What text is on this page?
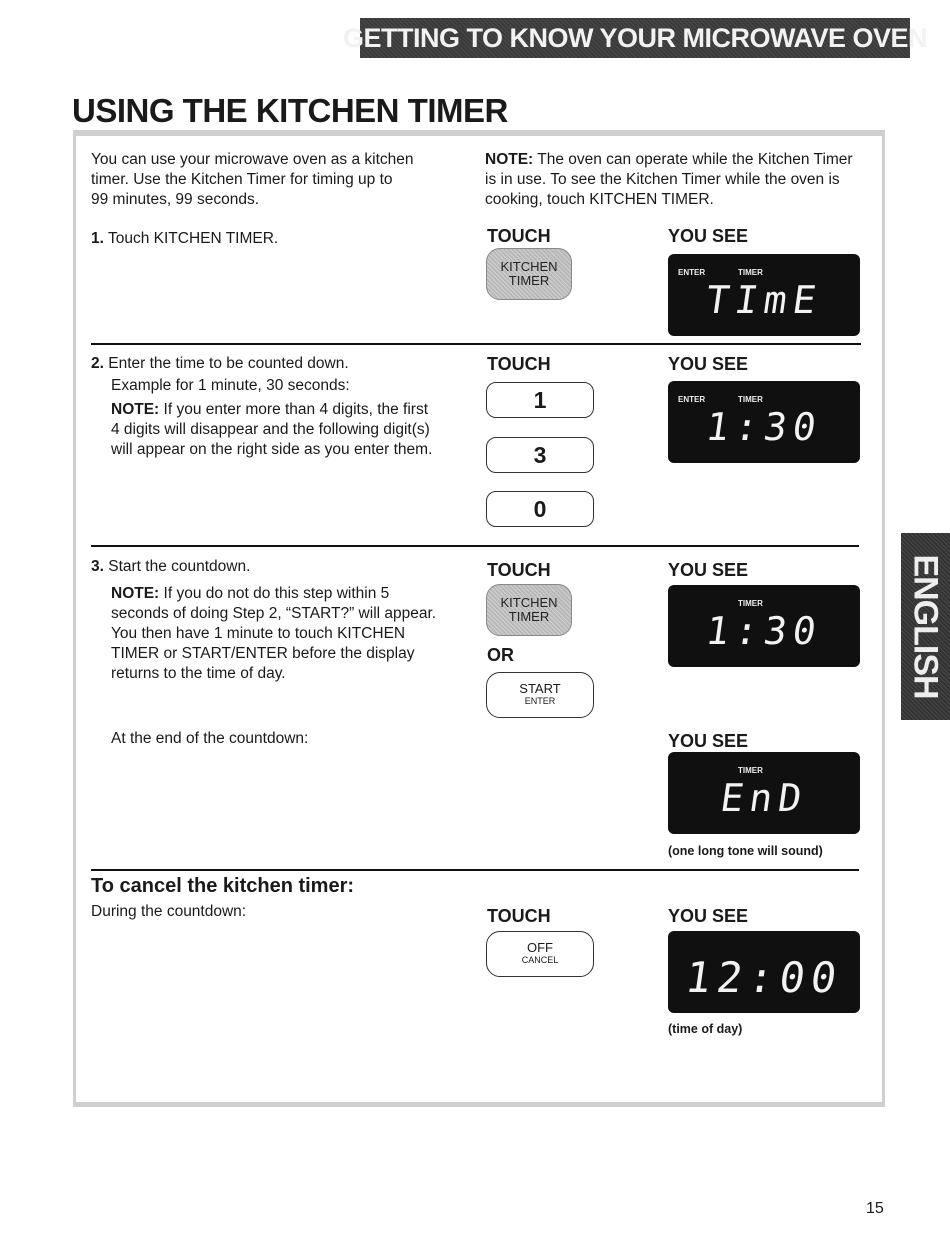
GETTING TO KNOW YOUR MICROWAVE OVEN
ENGLISH
USING THE KITCHEN TIMER
You can use your microwave oven as a kitchen
timer. Use the Kitchen Timer for timing up to
99 minutes, 99 seconds.
NOTE: The oven can operate while the Kitchen Timer
is in use. To see the Kitchen Timer while the oven is
cooking, touch KITCHEN TIMER.
1. Touch KITCHEN TIMER.	TOUCH	YOU SEE
KITCHEN
TIMER
ENTER	TIMER
TImE
2. Enter the time to be counted down.
Example for 1 minute, 30 seconds:
NOTE: If you enter more than 4 digits, the first
4 digits will disappear and the following digit(s)
will appear on the right side as you enter them.
TOUCH	YOU SEE
1
3
0
ENTER	TIMER
1:30
3. Start the countdown.
NOTE: If you do not do this step within 5
seconds of doing Step 2, “START?” will appear.
You then have 1 minute to touch KITCHEN
TIMER or START/ENTER before the display
returns to the time of day.
TOUCH	YOU SEE
KITCHEN
TIMER
OR
START
ENTER
TIMER
1:30
At the end of the countdown:	YOU SEE
TIMER
EnD
(one long tone will sound)
To cancel the kitchen timer:
During the countdown:	TOUCH	YOU SEE
OFF
CANCEL	12:00
(time of day)
15
